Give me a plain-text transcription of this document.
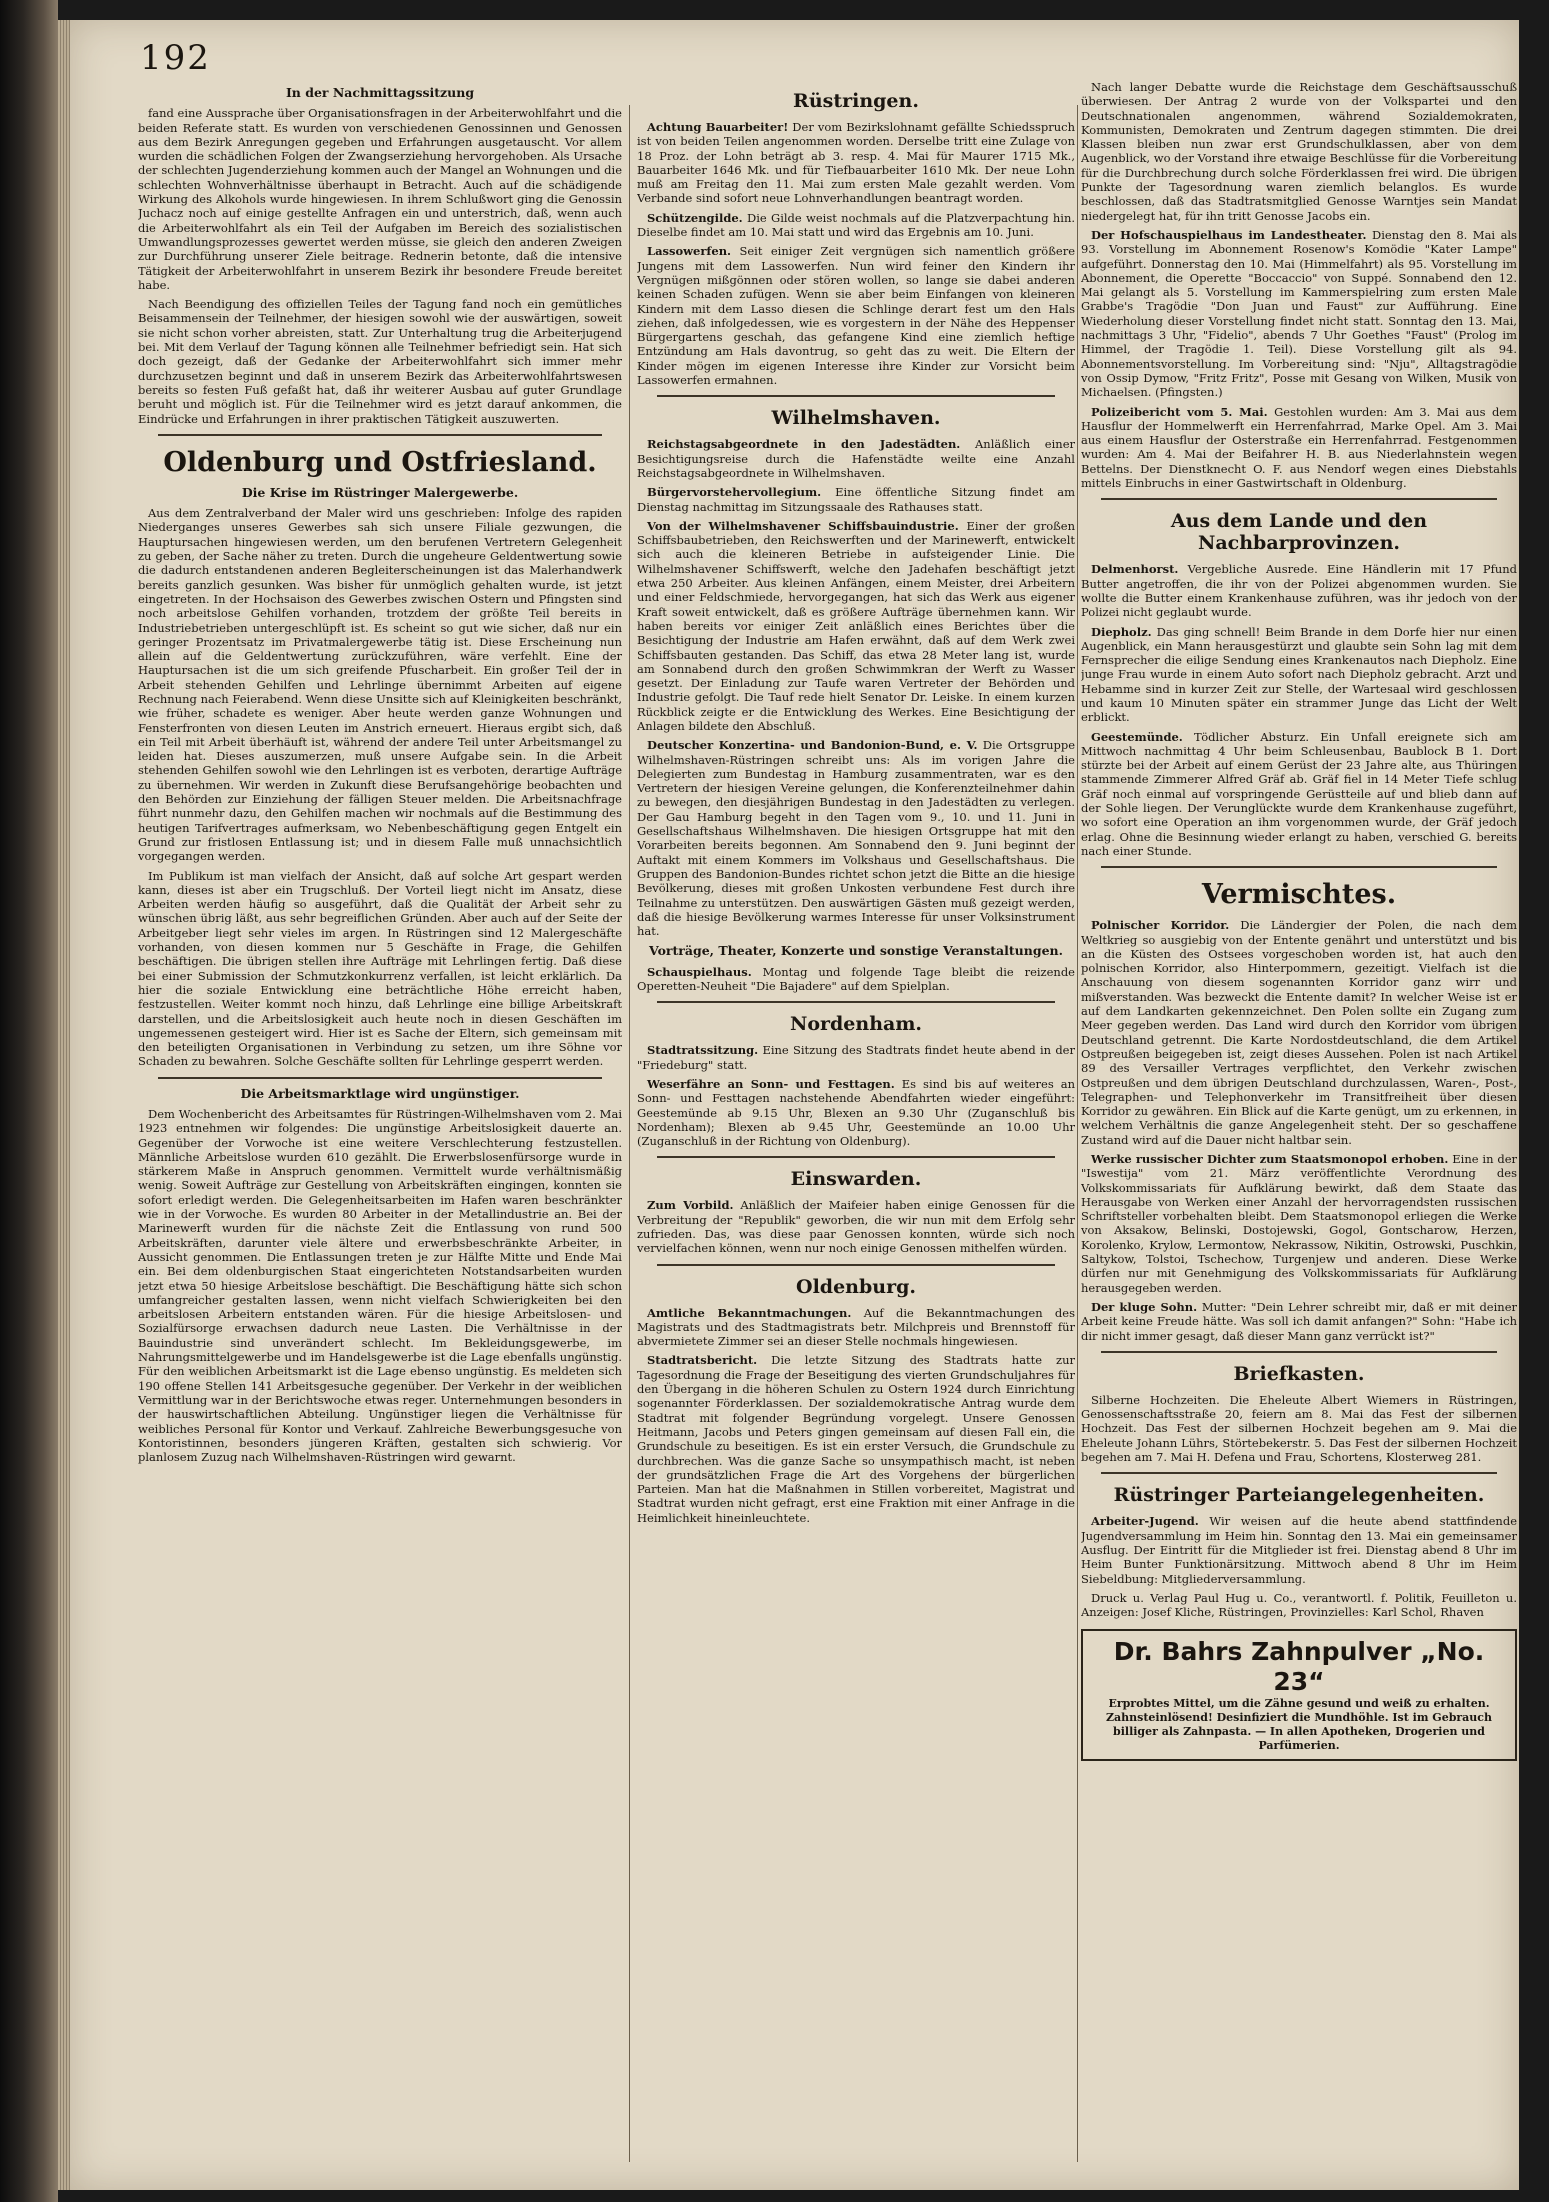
192
In der Nachmittagssitzung

fand eine Aussprache über Organisationsfragen in der Arbeiterwohlfahrt und die beiden Referate statt. Es wurden von verschiedenen Genossinnen und Genossen aus dem Bezirk Anregungen gegeben und Erfahrungen ausgetauscht. Vor allem wurden die schädlichen Folgen der Zwangserziehung hervorgehoben. Als Ursache der schlechten Jugenderziehung kommen auch der Mangel an Wohnungen und die schlechten Wohnverhältnisse überhaupt in Betracht. Auch auf die schädigende Wirkung des Alkohols wurde hingewiesen. In ihrem Schlußwort ging die Genossin Juchacz noch auf einige gestellte Anfragen ein und unterstrich, daß, wenn auch die Arbeiterwohlfahrt als ein Teil der Aufgaben im Bereich des sozialistischen Umwandlungsprozesses gewertet werden müsse, sie gleich den anderen Zweigen zur Durchführung unserer Ziele beitrage. Rednerin betonte, daß die intensive Tätigkeit der Arbeiterwohlfahrt in unserem Bezirk ihr besondere Freude bereitet habe.

Nach Beendigung des offiziellen Teiles der Tagung fand noch ein gemütliches Beisammensein der Teilnehmer, der hiesigen sowohl wie der auswärtigen, soweit sie nicht schon vorher abreisten, statt. Zur Unterhaltung trug die Arbeiterjugend bei. Mit dem Verlauf der Tagung können alle Teilnehmer befriedigt sein. Hat sich doch gezeigt, daß der Gedanke der Arbeiterwohlfahrt sich immer mehr durchzusetzen beginnt und daß in unserem Bezirk das Arbeiterwohlfahrtswesen bereits so festen Fuß gefaßt hat, daß ihr weiterer Ausbau auf guter Grundlage beruht und möglich ist. Für die Teilnehmer wird es jetzt darauf ankommen, die Eindrücke und Erfahrungen in ihrer praktischen Tätigkeit auszuwerten.

Oldenburg und Ostfriesland.
Die Krise im Rüstringer Malergewerbe.

Aus dem Zentralverband der Maler wird uns geschrieben: Infolge des rapiden Niederganges unseres Gewerbes sah sich unsere Filiale gezwungen, die Hauptursachen hingewiesen werden, um den berufenen Vertretern Gelegenheit zu geben, der Sache näher zu treten. Durch die ungeheure Geldentwertung sowie die dadurch entstandenen anderen Begleiterscheinungen ist das Malerhandwerk bereits ganzlich gesunken. Was bisher für unmöglich gehalten wurde, ist jetzt eingetreten. In der Hochsaison des Gewerbes zwischen Ostern und Pfingsten sind noch arbeitslose Gehilfen vorhanden, trotzdem der größte Teil bereits in Industriebetrieben untergeschlüpft ist. Es scheint so gut wie sicher, daß nur ein geringer Prozentsatz im Privatmalergewerbe tätig ist. Diese Erscheinung nun allein auf die Geldentwertung zurückzuführen, wäre verfehlt. Eine der Hauptursachen ist die um sich greifende Pfuscharbeit. Ein großer Teil der in Arbeit stehenden Gehilfen und Lehrlinge übernimmt Arbeiten auf eigene Rechnung nach Feierabend. Wenn diese Unsitte sich auf Kleinigkeiten beschränkt, wie früher, schadete es weniger. Aber heute werden ganze Wohnungen und Fensterfronten von diesen Leuten im Anstrich erneuert. Hieraus ergibt sich, daß ein Teil mit Arbeit überhäuft ist, während der andere Teil unter Arbeitsmangel zu leiden hat. Dieses auszumerzen, muß unsere Aufgabe sein. In die Arbeit stehenden Gehilfen sowohl wie den Lehrlingen ist es verboten, derartige Aufträge zu übernehmen. Wir werden in Zukunft diese Berufsangehörige beobachten und den Behörden zur Einziehung der fälligen Steuer melden. Die Arbeitsnachfrage führt nunmehr dazu, den Gehilfen machen wir nochmals auf die Bestimmung des heutigen Tarifvertrages aufmerksam, wo Nebenbeschäftigung gegen Entgelt ein Grund zur fristlosen Entlassung ist; und in diesem Falle muß unnachsichtlich vorgegangen werden.

Im Publikum ist man vielfach der Ansicht, daß auf solche Art gespart werden kann, dieses ist aber ein Trugschluß. Der Vorteil liegt nicht im Ansatz, diese Arbeiten werden häufig so ausgeführt, daß die Qualität der Arbeit sehr zu wünschen übrig läßt, aus sehr begreiflichen Gründen. Aber auch auf der Seite der Arbeitgeber liegt sehr vieles im argen. In Rüstringen sind 12 Malergeschäfte vorhanden, von diesen kommen nur 5 Geschäfte in Frage, die Gehilfen beschäftigen. Die übrigen stellen ihre Aufträge mit Lehrlingen fertig. Daß diese bei einer Submission der Schmutzkonkurrenz verfallen, ist leicht erklärlich. Da hier die soziale Entwicklung eine beträchtliche Höhe erreicht haben, festzustellen. Weiter kommt noch hinzu, daß Lehrlinge eine billige Arbeitskraft darstellen, und die Arbeitslosigkeit auch heute noch in diesen Geschäften im ungemessenen gesteigert wird. Hier ist es Sache der Eltern, sich gemeinsam mit den beteiligten Organisationen in Verbindung zu setzen, um ihre Söhne vor Schaden zu bewahren. Solche Geschäfte sollten für Lehrlinge gesperrt werden.

Die Arbeitsmarktlage wird ungünstiger.

Dem Wochenbericht des Arbeitsamtes für Rüstringen-Wilhelmshaven vom 2. Mai 1923 entnehmen wir folgendes: Die ungünstige Arbeitslosigkeit dauerte an. Gegenüber der Vorwoche ist eine weitere Verschlechterung festzustellen. Männliche Arbeitslose wurden 610 gezählt. Die Erwerbslosenfürsorge wurde in stärkerem Maße in Anspruch genommen. Vermittelt wurde verhältnismäßig wenig. Soweit Aufträge zur Gestellung von Arbeitskräften eingingen, konnten sie sofort erledigt werden. Die Gelegenheitsarbeiten im Hafen waren beschränkter wie in der Vorwoche. Es wurden 80 Arbeiter in der Metallindustrie an. Bei der Marinewerft wurden für die nächste Zeit die Entlassung von rund 500 Arbeitskräften, darunter viele ältere und erwerbsbeschränkte Arbeiter, in Aussicht genommen. Die Entlassungen treten je zur Hälfte Mitte und Ende Mai ein. Bei dem oldenburgischen Staat eingerichteten Notstandsarbeiten wurden jetzt etwa 50 hiesige Arbeitslose beschäftigt. Die Beschäftigung hätte sich schon umfangreicher gestalten lassen, wenn nicht vielfach Schwierigkeiten bei den arbeitslosen Arbeitern entstanden wären. Für die hiesige Arbeitslosen- und Sozialfürsorge erwachsen dadurch neue Lasten. Die Verhältnisse in der Bauindustrie sind unverändert schlecht. Im Bekleidungsgewerbe, im Nahrungsmittelgewerbe und im Handelsgewerbe ist die Lage ebenfalls ungünstig. Für den weiblichen Arbeitsmarkt ist die Lage ebenso ungünstig. Es meldeten sich 190 offene Stellen 141 Arbeitsgesuche gegenüber. Der Verkehr in der weiblichen Vermittlung war in der Berichtswoche etwas reger. Unternehmungen besonders in der hauswirtschaftlichen Abteilung. Ungünstiger liegen die Verhältnisse für weibliches Personal für Kontor und Verkauf. Zahlreiche Bewerbungsgesuche von Kontoristinnen, besonders jüngeren Kräften, gestalten sich schwierig. Vor planlosem Zuzug nach Wilhelmshaven-Rüstringen wird gewarnt.

Rüstringen.

Achtung Bauarbeiter! Der vom Bezirkslohnamt gefällte Schiedsspruch ist von beiden Teilen angenommen worden. Derselbe tritt eine Zulage von 18 Proz. der Lohn beträgt ab 3. resp. 4. Mai für Maurer 1715 Mk., Bauarbeiter 1646 Mk. und für Tiefbauarbeiter 1610 Mk. Der neue Lohn muß am Freitag den 11. Mai zum ersten Male gezahlt werden. Vom Verbande sind sofort neue Lohnverhandlungen beantragt worden.

Schützengilde. Die Gilde weist nochmals auf die Platzverpachtung hin. Dieselbe findet am 10. Mai statt und wird das Ergebnis am 10. Juni.

Lassowerfen. Seit einiger Zeit vergnügen sich namentlich größere Jungens mit dem Lassowerfen. Nun wird feiner den Kindern ihr Vergnügen mißgönnen oder stören wollen, so lange sie dabei anderen keinen Schaden zufügen. Wenn sie aber beim Einfangen von kleineren Kindern mit dem Lasso diesen die Schlinge derart fest um den Hals ziehen, daß infolgedessen, wie es vorgestern in der Nähe des Heppenser Bürgergartens geschah, das gefangene Kind eine ziemlich heftige Entzündung am Hals davontrug, so geht das zu weit. Die Eltern der Kinder mögen im eigenen Interesse ihre Kinder zur Vorsicht beim Lassowerfen ermahnen.

Wilhelmshaven.

Reichstagsabgeordnete in den Jadestädten. Anläßlich einer Besichtigungsreise durch die Hafenstädte weilte eine Anzahl Reichstagsabgeordnete in Wilhelmshaven.

Bürgervorstehervollegium. Eine öffentliche Sitzung findet am Dienstag nachmittag im Sitzungssaale des Rathauses statt.

Von der Wilhelmshavener Schiffsbauindustrie. Einer der großen Schiffsbaubetrieben, den Reichswerften und der Marinewerft, entwickelt sich auch die kleineren Betriebe in aufsteigender Linie. Die Wilhelmshavener Schiffswerft, welche den Jadehafen beschäftigt jetzt etwa 250 Arbeiter. Aus kleinen Anfängen, einem Meister, drei Arbeitern und einer Feldschmiede, hervorgegangen, hat sich das Werk aus eigener Kraft soweit entwickelt, daß es größere Aufträge übernehmen kann. Wir haben bereits vor einiger Zeit anläßlich eines Berichtes über die Besichtigung der Industrie am Hafen erwähnt, daß auf dem Werk zwei Schiffsbauten gestanden. Das Schiff, das etwa 28 Meter lang ist, wurde am Sonnabend durch den großen Schwimmkran der Werft zu Wasser gesetzt. Der Einladung zur Taufe waren Vertreter der Behörden und Industrie gefolgt. Die Tauf rede hielt Senator Dr. Leiske. In einem kurzen Rückblick zeigte er die Entwicklung des Werkes. Eine Besichtigung der Anlagen bildete den Abschluß.

Deutscher Konzertina- und Bandonion-Bund, e. V. Die Ortsgruppe Wilhelmshaven-Rüstringen schreibt uns: Als im vorigen Jahre die Delegierten zum Bundestag in Hamburg zusammentraten, war es den Vertretern der hiesigen Vereine gelungen, die Konferenzteilnehmer dahin zu bewegen, den diesjährigen Bundestag in den Jadestädten zu verlegen. Der Gau Hamburg begeht in den Tagen vom 9., 10. und 11. Juni in Gesellschaftshaus Wilhelmshaven. Die hiesigen Ortsgruppe hat mit den Vorarbeiten bereits begonnen. Am Sonnabend den 9. Juni beginnt der Auftakt mit einem Kommers im Volkshaus und Gesellschaftshaus. Die Gruppen des Bandonion-Bundes richtet schon jetzt die Bitte an die hiesige Bevölkerung, dieses mit großen Unkosten verbundene Fest durch ihre Teilnahme zu unterstützen. Den auswärtigen Gästen muß gezeigt werden, daß die hiesige Bevölkerung warmes Interesse für unser Volksinstrument hat.

Vorträge, Theater, Konzerte und sonstige Veranstaltungen.

Schauspielhaus. Montag und folgende Tage bleibt die reizende Operetten-Neuheit "Die Bajadere" auf dem Spielplan.

Nordenham.

Stadtratssitzung. Eine Sitzung des Stadtrats findet heute abend in der "Friedeburg" statt.

Weserfähre an Sonn- und Festtagen. Es sind bis auf weiteres an Sonn- und Festtagen nachstehende Abendfahrten wieder eingeführt: Geestemünde ab 9.15 Uhr, Blexen an 9.30 Uhr (Zuganschluß bis Nordenham); Blexen ab 9.45 Uhr, Geestemünde an 10.00 Uhr (Zuganschluß in der Richtung von Oldenburg).

Einswarden.

Zum Vorbild. Anläßlich der Maifeier haben einige Genossen für die Verbreitung der "Republik" geworben, die wir nun mit dem Erfolg sehr zufrieden. Das, was diese paar Genossen konnten, würde sich noch vervielfachen können, wenn nur noch einige Genossen mithelfen würden.

Oldenburg.

Amtliche Bekanntmachungen. Auf die Bekanntmachungen des Magistrats und des Stadtmagistrats betr. Milchpreis und Brennstoff für abvermietete Zimmer sei an dieser Stelle nochmals hingewiesen.

Stadtratsbericht. Die letzte Sitzung des Stadtrats hatte zur Tagesordnung die Frage der Beseitigung des vierten Grundschuljahres für den Übergang in die höheren Schulen zu Ostern 1924 durch Einrichtung sogenannter Förderklassen. Der sozialdemokratische Antrag wurde dem Stadtrat mit folgender Begründung vorgelegt. Unsere Genossen Heitmann, Jacobs und Peters gingen gemeinsam auf diesen Fall ein, die Grundschule zu beseitigen. Es ist ein erster Versuch, die Grundschule zu durchbrechen. Was die ganze Sache so unsympathisch macht, ist neben der grundsätzlichen Frage die Art des Vorgehens der bürgerlichen Parteien. Man hat die Maßnahmen in Stillen vorbereitet, Magistrat und Stadtrat wurden nicht gefragt, erst eine Fraktion mit einer Anfrage in die Heimlichkeit hineinleuchtete.

Nach langer Debatte wurde die Reichstage dem Geschäftsausschuß überwiesen. Der Antrag 2 wurde von der Volkspartei und den Deutschnationalen angenommen, während Sozialdemokraten, Kommunisten, Demokraten und Zentrum dagegen stimmten. Die drei Klassen bleiben nun zwar erst Grundschulklassen, aber von dem Augenblick, wo der Vorstand ihre etwaige Beschlüsse für die Vorbereitung für die Durchbrechung durch solche Förderklassen frei wird. Die übrigen Punkte der Tagesordnung waren ziemlich belanglos. Es wurde beschlossen, daß das Stadtratsmitglied Genosse Warntjes sein Mandat niedergelegt hat, für ihn tritt Genosse Jacobs ein.

Der Hofschauspielhaus im Landestheater. Dienstag den 8. Mai als 93. Vorstellung im Abonnement Rosenow's Komödie "Kater Lampe" aufgeführt. Donnerstag den 10. Mai (Himmelfahrt) als 95. Vorstellung im Abonnement, die Operette "Boccaccio" von Suppé. Sonnabend den 12. Mai gelangt als 5. Vorstellung im Kammerspielring zum ersten Male Grabbe's Tragödie "Don Juan und Faust" zur Aufführung. Eine Wiederholung dieser Vorstellung findet nicht statt. Sonntag den 13. Mai, nachmittags 3 Uhr, "Fidelio", abends 7 Uhr Goethes "Faust" (Prolog im Himmel, der Tragödie 1. Teil). Diese Vorstellung gilt als 94. Abonnementsvorstellung. Im Vorbereitung sind: "Nju", Alltagstragödie von Ossip Dymow, "Fritz Fritz", Posse mit Gesang von Wilken, Musik von Michaelsen. (Pfingsten.)

Polizeibericht vom 5. Mai. Gestohlen wurden: Am 3. Mai aus dem Hausflur der Hommelwerft ein Herrenfahrrad, Marke Opel. Am 3. Mai aus einem Hausflur der Osterstraße ein Herrenfahrrad. Festgenommen wurden: Am 4. Mai der Beifahrer H. B. aus Niederlahnstein wegen Bettelns. Der Dienstknecht O. F. aus Nendorf wegen eines Diebstahls mittels Einbruchs in einer Gastwirtschaft in Oldenburg.

Aus dem Lande und den Nachbarprovinzen.

Delmenhorst. Vergebliche Ausrede. Eine Händlerin mit 17 Pfund Butter angetroffen, die ihr von der Polizei abgenommen wurden. Sie wollte die Butter einem Krankenhause zuführen, was ihr jedoch von der Polizei nicht geglaubt wurde.

Diepholz. Das ging schnell! Beim Brande in dem Dorfe hier nur einen Augenblick, ein Mann herausgestürzt und glaubte sein Sohn lag mit dem Fernsprecher die eilige Sendung eines Krankenautos nach Diepholz. Eine junge Frau wurde in einem Auto sofort nach Diepholz gebracht. Arzt und Hebamme sind in kurzer Zeit zur Stelle, der Wartesaal wird geschlossen und kaum 10 Minuten später ein strammer Junge das Licht der Welt erblickt.

Geestemünde. Tödlicher Absturz. Ein Unfall ereignete sich am Mittwoch nachmittag 4 Uhr beim Schleusenbau, Baublock B 1. Dort stürzte bei der Arbeit auf einem Gerüst der 23 Jahre alte, aus Thüringen stammende Zimmerer Alfred Gräf ab. Gräf fiel in 14 Meter Tiefe schlug Gräf noch einmal auf vorspringende Gerüstteile auf und blieb dann auf der Sohle liegen. Der Verunglückte wurde dem Krankenhause zugeführt, wo sofort eine Operation an ihm vorgenommen wurde, der Gräf jedoch erlag. Ohne die Besinnung wieder erlangt zu haben, verschied G. bereits nach einer Stunde.

Vermischtes.

Polnischer Korridor. Die Ländergier der Polen, die nach dem Weltkrieg so ausgiebig von der Entente genährt und unterstützt und bis an die Küsten des Ostsees vorgeschoben worden ist, hat auch den polnischen Korridor, also Hinterpommern, gezeitigt. Vielfach ist die Anschauung von diesem sogenannten Korridor ganz wirr und mißverstanden. Was bezweckt die Entente damit? In welcher Weise ist er auf dem Landkarten gekennzeichnet. Den Polen sollte ein Zugang zum Meer gegeben werden. Das Land wird durch den Korridor vom übrigen Deutschland getrennt. Die Karte Nordostdeutschland, die dem Artikel Ostpreußen beigegeben ist, zeigt dieses Aussehen. Polen ist nach Artikel 89 des Versailler Vertrages verpflichtet, den Verkehr zwischen Ostpreußen und dem übrigen Deutschland durchzulassen, Waren-, Post-, Telegraphen- und Telephonverkehr im Transitfreiheit über diesen Korridor zu gewähren. Ein Blick auf die Karte genügt, um zu erkennen, in welchem Verhältnis die ganze Angelegenheit steht. Der so geschaffene Zustand wird auf die Dauer nicht haltbar sein.

Werke russischer Dichter zum Staatsmonopol erhoben. Eine in der "Iswestija" vom 21. März veröffentlichte Verordnung des Volkskommissariats für Aufklärung bewirkt, daß dem Staate das Herausgabe von Werken einer Anzahl der hervorragendsten russischen Schriftsteller vorbehalten bleibt. Dem Staatsmonopol erliegen die Werke von Aksakow, Belinski, Dostojewski, Gogol, Gontscharow, Herzen, Korolenko, Krylow, Lermontow, Nekrassow, Nikitin, Ostrowski, Puschkin, Saltykow, Tolstoi, Tschechow, Turgenjew und anderen. Diese Werke dürfen nur mit Genehmigung des Volkskommissariats für Aufklärung herausgegeben werden.

Der kluge Sohn. Mutter: "Dein Lehrer schreibt mir, daß er mit deiner Arbeit keine Freude hätte. Was soll ich damit anfangen?" Sohn: "Habe ich dir nicht immer gesagt, daß dieser Mann ganz verrückt ist?"

Briefkasten.

Silberne Hochzeiten. Die Eheleute Albert Wiemers in Rüstringen, Genossenschaftsstraße 20, feiern am 8. Mai das Fest der silbernen Hochzeit. Das Fest der silbernen Hochzeit begehen am 9. Mai die Eheleute Johann Lührs, Störtebekerstr. 5. Das Fest der silbernen Hochzeit begehen am 7. Mai H. Defena und Frau, Schortens, Klosterweg 281.

Rüstringer Parteiangelegenheiten.

Arbeiter-Jugend. Wir weisen auf die heute abend stattfindende Jugendversammlung im Heim hin. Sonntag den 13. Mai ein gemeinsamer Ausflug. Der Eintritt für die Mitglieder ist frei. Dienstag abend 8 Uhr im Heim Bunter Funktionärsitzung. Mittwoch abend 8 Uhr im Heim Siebeldbung: Mitgliederversammlung.

Druck u. Verlag Paul Hug u. Co., verantwortl. f. Politik, Feuilleton u. Anzeigen: Josef Kliche, Rüstringen, Provinzielles: Karl Schol, Rhaven

Dr. Bahrs Zahnpulver „No. 23“
Erprobtes Mittel, um die Zähne gesund und weiß zu erhalten. Zahnsteinlösend! Desinfiziert die Mundhöhle. Ist im Gebrauch billiger als Zahnpasta. — In allen Apotheken, Drogerien und Parfümerien.
